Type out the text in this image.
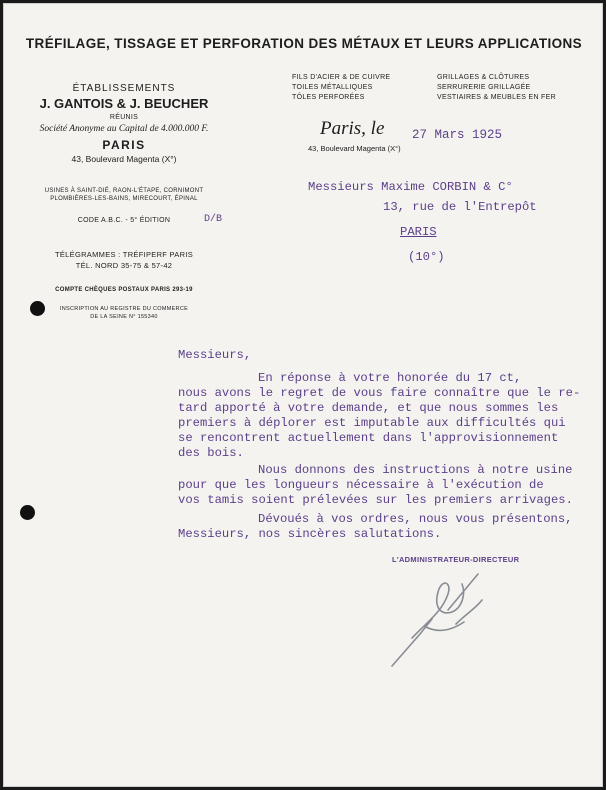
TRÉFILAGE, TISSAGE ET PERFORATION DES MÉTAUX ET LEURS APPLICATIONS
ÉTABLISSEMENTS
J. GANTOIS & J. BEUCHER
RÉUNIS
Société Anonyme au Capital de 4.000.000 F.
PARIS
43, Boulevard Magenta (X°)
USINES À SAINT-DIÉ, RAON-L'ÉTAPE, CORNIMONT
PLOMBIÈRES-LES-BAINS, MIRECOURT, ÉPINAL
CODE A.B.C. - 5° ÉDITION
TÉLÉGRAMMES : TRÉFIPERF PARIS
TÉL. NORD 35-75 & 57-42
COMPTE CHÈQUES POSTAUX PARIS 293-19
INSCRIPTION AU REGISTRE DU COMMERCE
DE LA SEINE N° 155340
D/B
FILS D'ACIER & DE CUIVRE
TOILES MÉTALLIQUES
TÔLES PERFORÉES
GRILLAGES & CLÔTURES
SERRURERIE GRILLAGÉE
VESTIAIRES & MEUBLES EN FER
Paris, le 27 Mars 1925
43, Boulevard Magenta (X°)
Messieurs Maxime CORBIN & C°
13, rue de l'Entrepôt
PARIS
(10°)
Messieurs,
En réponse à votre honorée du 17 ct,
nous avons le regret de vous faire connaître que le re-
tard apporté à votre demande, et que nous sommes les
premiers à déplorer est imputable aux difficultés qui
se rencontrent actuellement dans l'approvisionnement
des bois.
Nous donnons des instructions à notre usine
pour que les longueurs nécessaire à l'exécution de
vos tamis soient prélevées sur les premiers arrivages.
Dévoués à vos ordres, nous vous présentons,
Messieurs, nos sincères salutations.
L'ADMINISTRATEUR-DIRECTEUR
